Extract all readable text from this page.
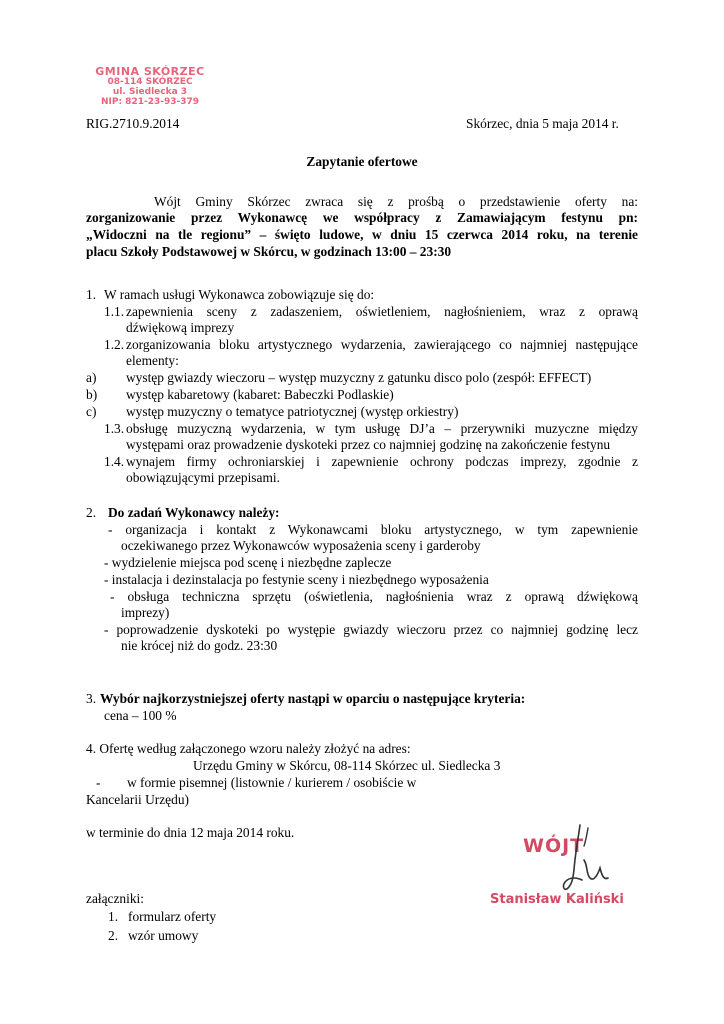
GMINA SKÓRZEC
08-114 SKÓRZEC
ul. Siedlecka 3
NIP: 821-23-93-379
RIG.2710.9.2014	Skórzec, dnia 5 maja 2014 r.
Zapytanie ofertowe
Wójt Gminy Skórzec zwraca się z prośbą o przedstawienie oferty na:
zorganizowanie przez Wykonawcę we współpracy z Zamawiającym festynu pn:
„Widoczni na tle regionu” – święto ludowe, w dniu 15 czerwca 2014 roku, na terenie
placu Szkoły Podstawowej w Skórcu, w godzinach 13:00 – 23:30
1. W ramach usługi Wykonawca zobowiązuje się do:
1.1. zapewnienia sceny z zadaszeniem, oświetleniem, nagłośnieniem, wraz z oprawą
dźwiękową imprezy
1.2. zorganizowania bloku artystycznego wydarzenia, zawierającego co najmniej następujące
elementy:
a) występ gwiazdy wieczoru – występ muzyczny z gatunku disco polo (zespół: EFFECT)
b) występ kabaretowy (kabaret: Babeczki Podlaskie)
c) występ muzyczny o tematyce patriotycznej (występ orkiestry)
1.3. obsługę muzyczną wydarzenia, w tym usługę DJ’a – przerywniki muzyczne między
występami oraz prowadzenie dyskoteki przez co najmniej godzinę na zakończenie festynu
1.4. wynajem firmy ochroniarskiej i zapewnienie ochrony podczas imprezy, zgodnie z
obowiązującymi przepisami.
2. Do zadań Wykonawcy należy:
- organizacja i kontakt z Wykonawcami bloku artystycznego, w tym zapewnienie
oczekiwanego przez Wykonawców wyposażenia sceny i garderoby
- wydzielenie miejsca pod scenę i niezbędne zaplecze
- instalacja i dezinstalacja po festynie sceny i niezbędnego wyposażenia
- obsługa techniczna sprzętu (oświetlenia, nagłośnienia wraz z oprawą dźwiękową
imprezy)
- poprowadzenie dyskoteki po występie gwiazdy wieczoru przez co najmniej godzinę lecz
nie krócej niż do godz. 23:30
3. Wybór najkorzystniejszej oferty nastąpi w oparciu o następujące kryteria:
cena – 100 %
4. Ofertę według załączonego wzoru należy złożyć na adres:
Urzędu Gminy w Skórcu, 08-114 Skórzec ul. Siedlecka 3
- w formie pisemnej (listownie / kurierem / osobiście w
Kancelarii Urzędu)
w terminie do dnia 12 maja 2014 roku.
WÓJT
Stanisław Kaliński
załączniki:
1. formularz oferty
2. wzór umowy
